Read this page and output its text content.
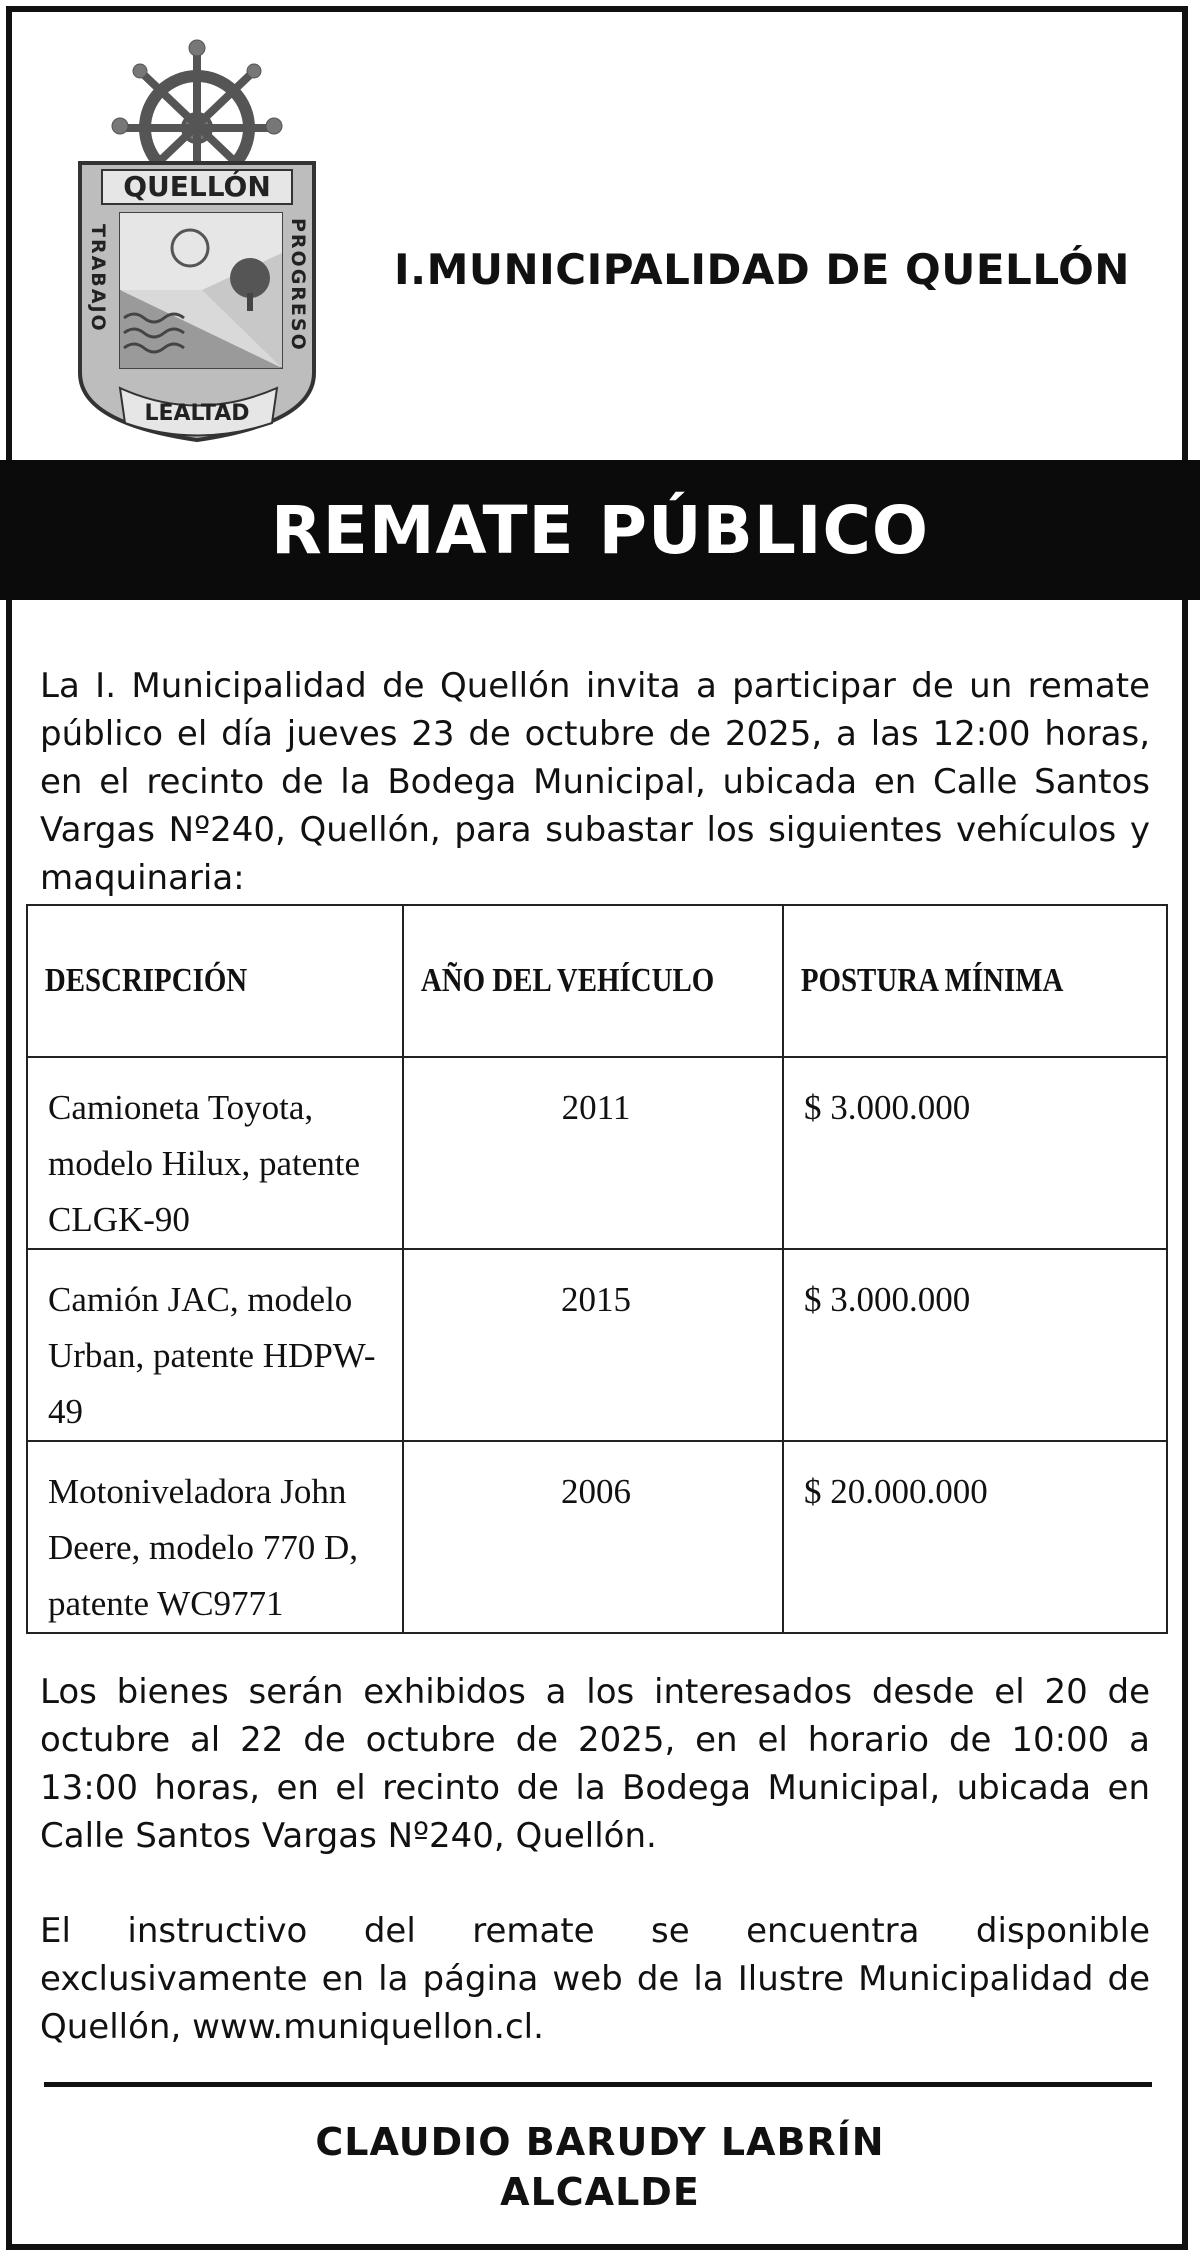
QUELLÓN
TRABAJO	PROGRESO
LEALTAD
I.MUNICIPALIDAD DE QUELLÓN
REMATE PÚBLICO

La I. Municipalidad de Quellón invita a participar de un remate público el día jueves 23 de octubre de 2025, a las 12:00 horas, en el recinto de la Bodega Municipal, ubicada en Calle Santos Vargas Nº240, Quellón, para subastar los siguientes vehículos y maquinaria:

DESCRIPCIÓN	AÑO DEL VEHÍCULO	POSTURA MÍNIMA
Camioneta Toyota, modelo Hilux, patente CLGK-90	2011	$ 3.000.000
Camión JAC, modelo Urban, patente HDPW-49	2015	$ 3.000.000
Motoniveladora John Deere, modelo 770 D, patente WC9771	2006	$ 20.000.000

Los bienes serán exhibidos a los interesados desde el 20 de octubre al 22 de octubre de 2025, en el horario de 10:00 a 13:00 horas, en el recinto de la Bodega Municipal, ubicada en Calle Santos Vargas Nº240, Quellón.

El instructivo del remate se encuentra disponible exclusivamente en la página web de la Ilustre Municipalidad de Quellón, www.muniquellon.cl.

CLAUDIO BARUDY LABRÍN
ALCALDE
